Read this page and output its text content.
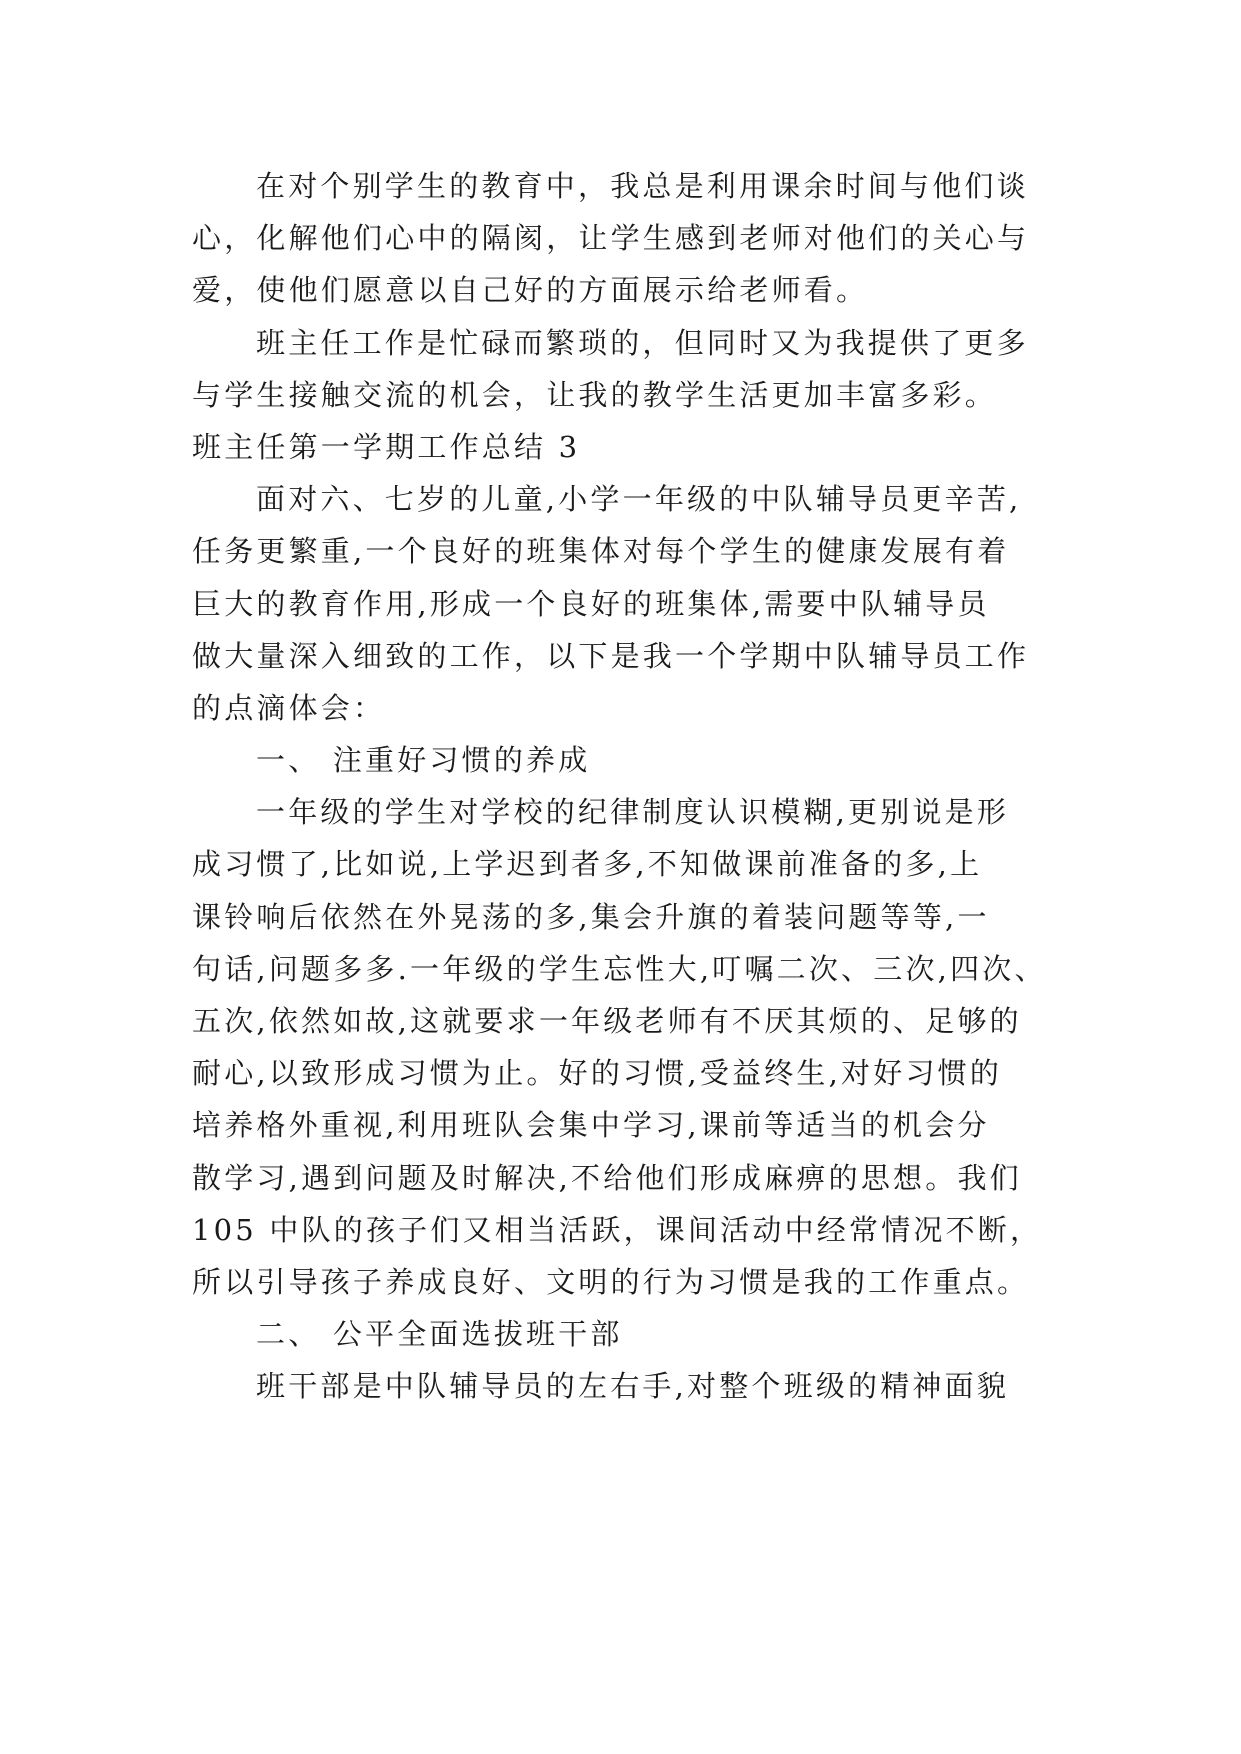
在对个别学生的教育中，我总是利用课余时间与他们谈
心，化解他们心中的隔阂，让学生感到老师对他们的关心与
爱，使他们愿意以自己好的方面展示给老师看。
班主任工作是忙碌而繁琐的，但同时又为我提供了更多
与学生接触交流的机会，让我的教学生活更加丰富多彩。
班主任第一学期工作总结 3
面对六、七岁的儿童,小学一年级的中队辅导员更辛苦,
任务更繁重,一个良好的班集体对每个学生的健康发展有着
巨大的教育作用,形成一个良好的班集体,需要中队辅导员
做大量深入细致的工作，以下是我一个学期中队辅导员工作
的点滴体会：
一、 注重好习惯的养成
一年级的学生对学校的纪律制度认识模糊,更别说是形
成习惯了,比如说,上学迟到者多,不知做课前准备的多,上
课铃响后依然在外晃荡的多,集会升旗的着装问题等等,一
句话,问题多多.一年级的学生忘性大,叮嘱二次、三次,四次、
五次,依然如故,这就要求一年级老师有不厌其烦的、足够的
耐心,以致形成习惯为止。好的习惯,受益终生,对好习惯的
培养格外重视,利用班队会集中学习,课前等适当的机会分
散学习,遇到问题及时解决,不给他们形成麻痹的思想。我们
105 中队的孩子们又相当活跃，课间活动中经常情况不断，
所以引导孩子养成良好、文明的行为习惯是我的工作重点。
二、 公平全面选拔班干部
班干部是中队辅导员的左右手,对整个班级的精神面貌
